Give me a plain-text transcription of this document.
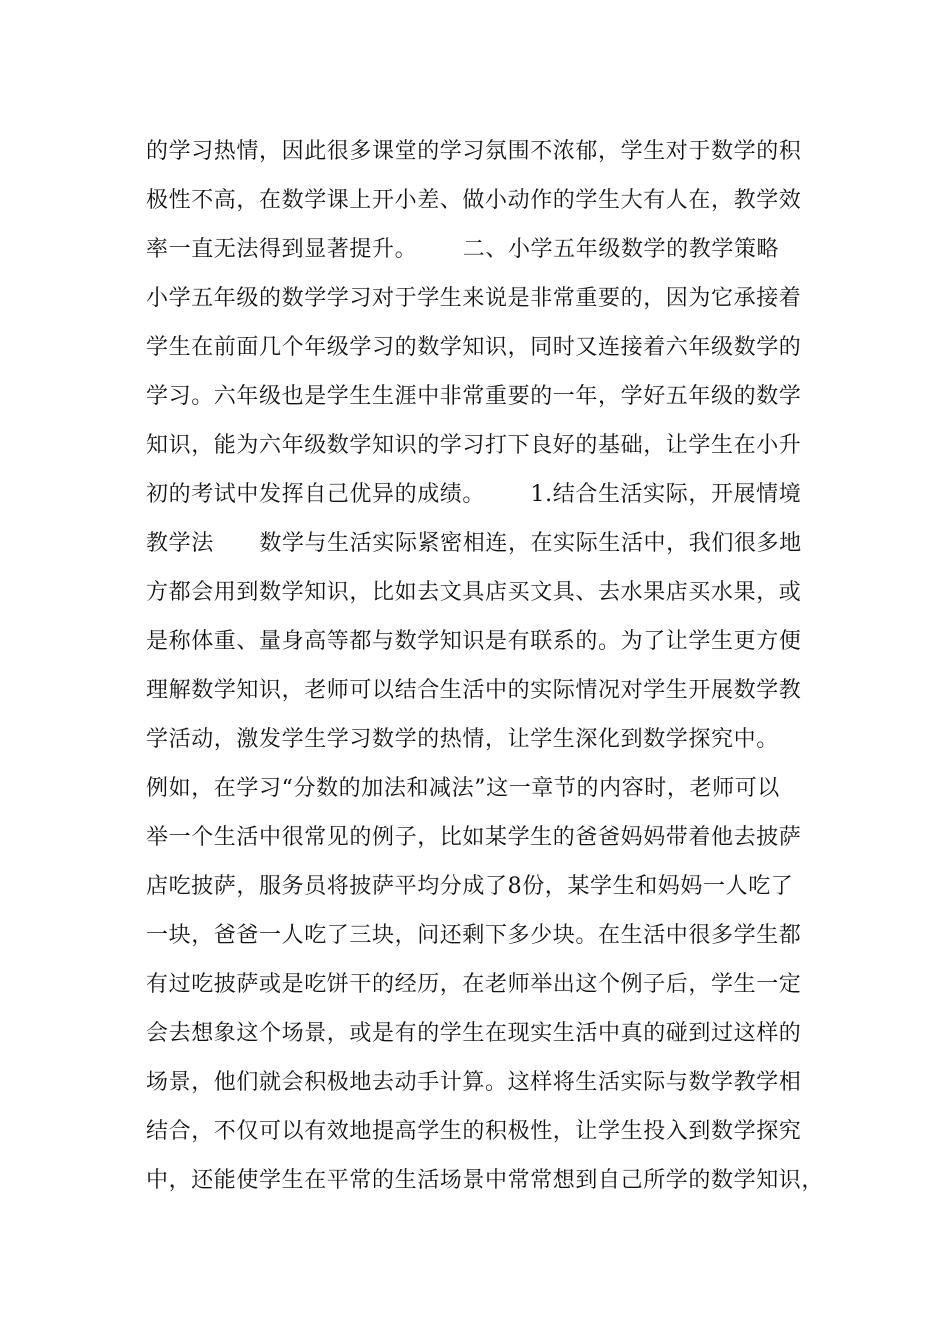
的学习热情，因此很多课堂的学习氛围不浓郁，学生对于数学的积
极性不高，在数学课上开小差、做小动作的学生大有人在，教学效
率一直无法得到显著提升。      二、小学五年级数学的教学策略
小学五年级的数学学习对于学生来说是非常重要的，因为它承接着
学生在前面几个年级学习的数学知识，同时又连接着六年级数学的
学习。六年级也是学生生涯中非常重要的一年，学好五年级的数学
知识，能为六年级数学知识的学习打下良好的基础，让学生在小升
初的考试中发挥自己优异的成绩。      1.结合生活实际，开展情境
教学法      数学与生活实际紧密相连，在实际生活中，我们很多地
方都会用到数学知识，比如去文具店买文具、去水果店买水果，或
是称体重、量身高等都与数学知识是有联系的。为了让学生更方便
理解数学知识，老师可以结合生活中的实际情况对学生开展数学教
学活动，激发学生学习数学的热情，让学生深化到数学探究中。
例如，在学习“分数的加法和减法”这一章节的内容时，老师可以
举一个生活中很常见的例子，比如某学生的爸爸妈妈带着他去披萨
店吃披萨，服务员将披萨平均分成了8份，某学生和妈妈一人吃了
一块，爸爸一人吃了三块，问还剩下多少块。在生活中很多学生都
有过吃披萨或是吃饼干的经历，在老师举出这个例子后，学生一定
会去想象这个场景，或是有的学生在现实生活中真的碰到过这样的
场景，他们就会积极地去动手计算。这样将生活实际与数学教学相
结合，不仅可以有效地提高学生的积极性，让学生投入到数学探究
中，还能使学生在平常的生活场景中常常想到自己所学的数学知识，
